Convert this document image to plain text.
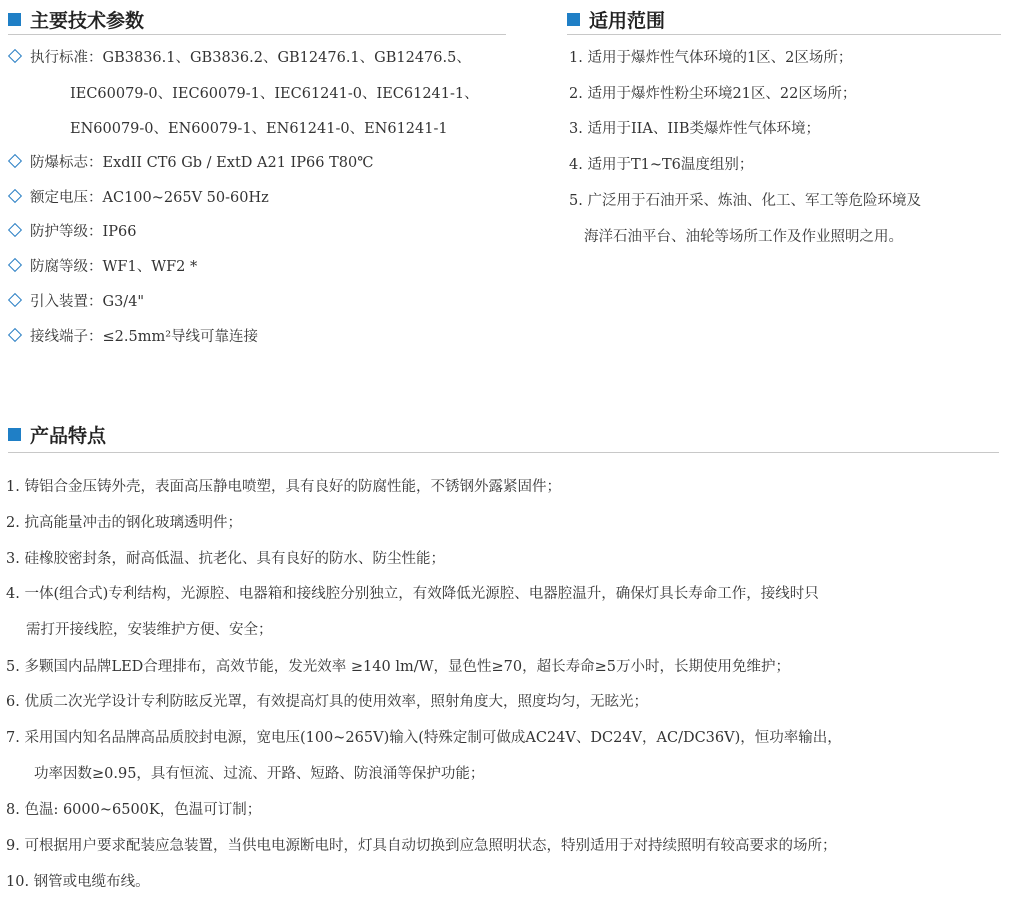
主要技术参数
执行标准：GB3836.1、GB3836.2、GB12476.1、GB12476.5、
IEC60079-0、IEC60079-1、IEC61241-0、IEC61241-1、
EN60079-0、EN60079-1、EN61241-0、EN61241-1
防爆标志：ExdII CT6 Gb / ExtD A21 IP66 T80℃
额定电压：AC100~265V 50-60Hz
防护等级：IP66
防腐等级：WF1、WF2 *
引入装置：G3/4"
接线端子：≤2.5mm²导线可靠连接
适用范围
1. 适用于爆炸性气体环境的1区、2区场所；
2. 适用于爆炸性粉尘环境21区、22区场所；
3. 适用于IIA、IIB类爆炸性气体环境；
4. 适用于T1~T6温度组别；
5. 广泛用于石油开采、炼油、化工、军工等危险环境及
海洋石油平台、油轮等场所工作及作业照明之用。
产品特点
1. 铸铝合金压铸外壳，表面高压静电喷塑，具有良好的防腐性能，不锈钢外露紧固件；
2. 抗高能量冲击的钢化玻璃透明件；
3. 硅橡胶密封条，耐高低温、抗老化、具有良好的防水、防尘性能；
4. 一体(组合式)专利结构，光源腔、电器箱和接线腔分别独立，有效降低光源腔、电器腔温升，确保灯具长寿命工作，接线时只
需打开接线腔，安装维护方便、安全；
5. 多颗国内品牌LED合理排布，高效节能，发光效率 ≥140 lm/W，显色性≥70，超长寿命≥5万小时，长期使用免维护；
6. 优质二次光学设计专利防眩反光罩，有效提高灯具的使用效率，照射角度大，照度均匀，无眩光；
7. 采用国内知名品牌高品质胶封电源，宽电压(100~265V)输入(特殊定制可做成AC24V、DC24V，AC/DC36V)，恒功率输出，
功率因数≥0.95，具有恒流、过流、开路、短路、防浪涌等保护功能；
8. 色温: 6000~6500K，色温可订制；
9. 可根据用户要求配装应急装置，当供电电源断电时，灯具自动切换到应急照明状态，特别适用于对持续照明有较高要求的场所；
10. 钢管或电缆布线。
